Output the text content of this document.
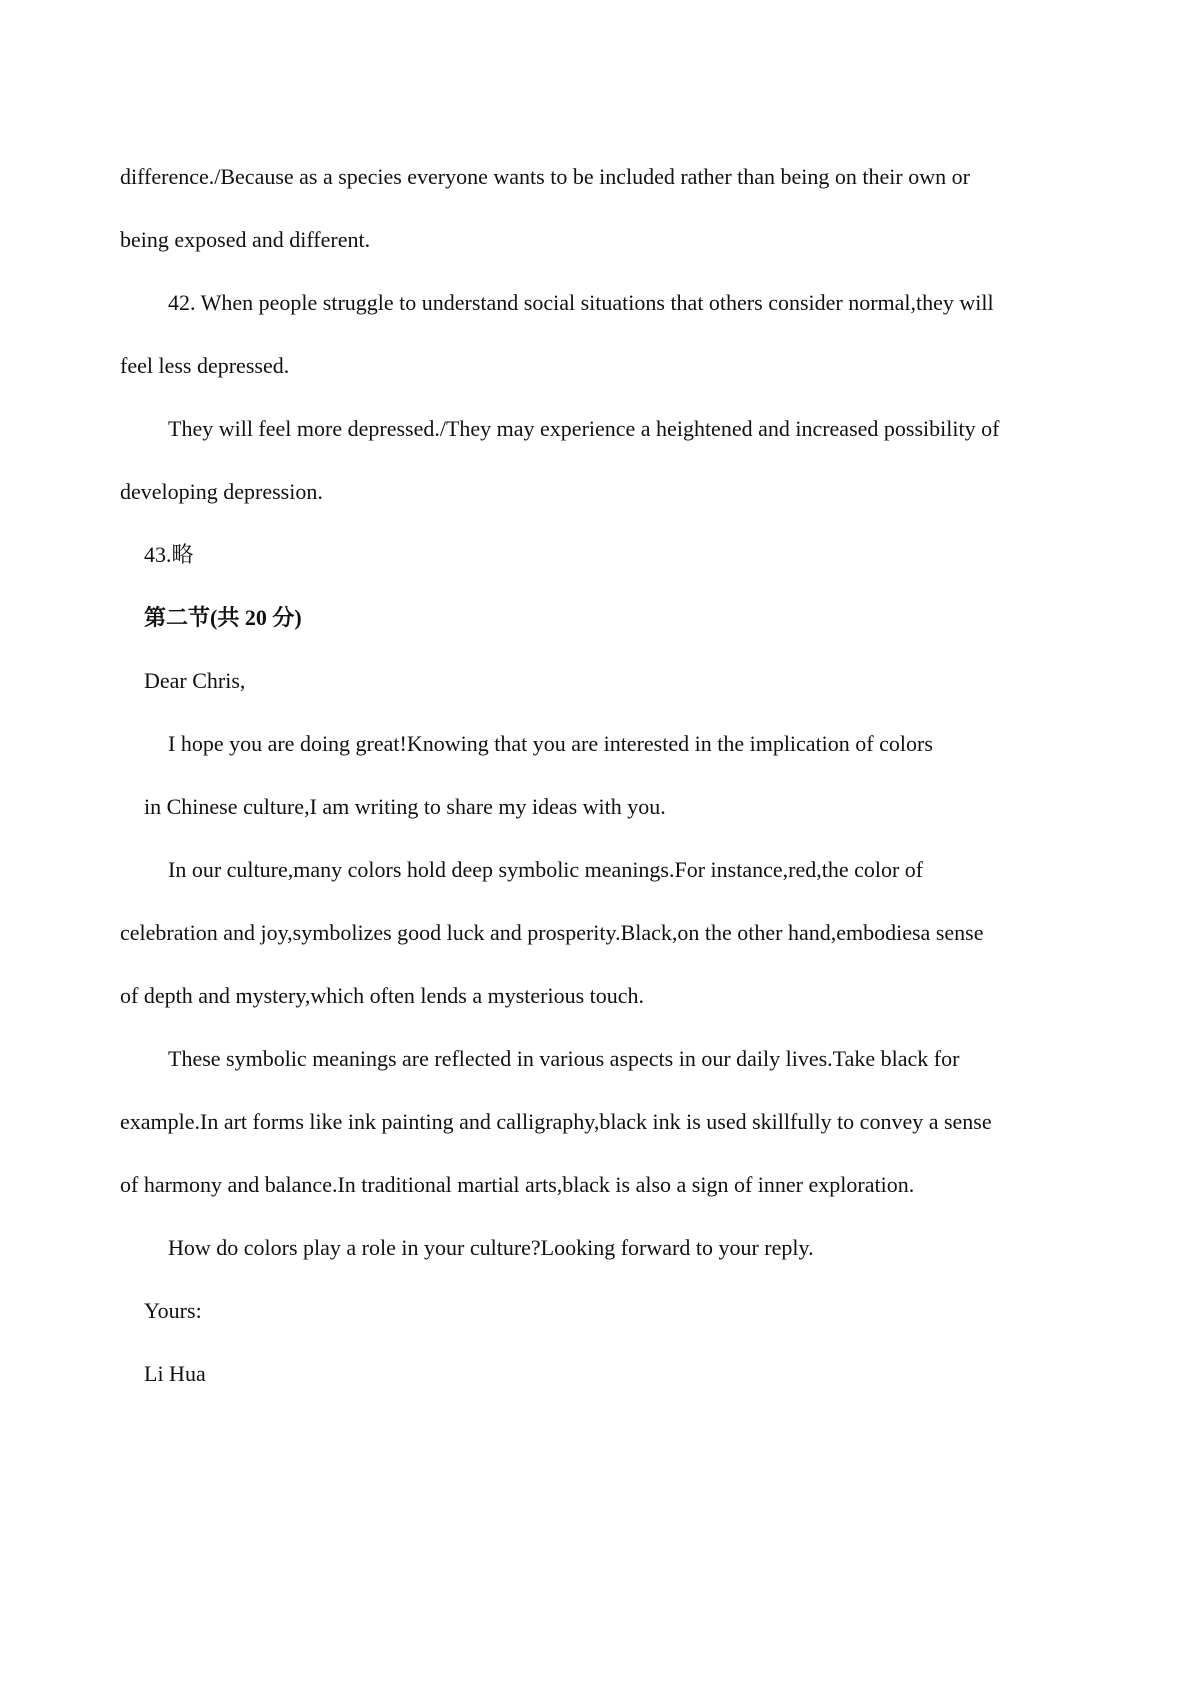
difference./Because as a species everyone wants to be included rather than being on their own or
being exposed and different.
42. When people struggle to understand social situations that others consider normal,they will
feel less depressed.
They will feel more depressed./They may experience a heightened and increased possibility of
developing depression.
43.略
第二节(共 20 分)
Dear Chris,
I hope you are doing great!Knowing that you are interested in the implication of colors
in Chinese culture,I am writing to share my ideas with you.
In our culture,many colors hold deep symbolic meanings.For instance,red,the color of
celebration and joy,symbolizes good luck and prosperity.Black,on the other hand,embodiesa sense
of depth and mystery,which often lends a mysterious touch.
These symbolic meanings are reflected in various aspects in our daily lives.Take black for
example.In art forms like ink painting and calligraphy,black ink is used skillfully to convey a sense
of harmony and balance.In traditional martial arts,black is also a sign of inner exploration.
How do colors play a role in your culture?Looking forward to your reply.
Yours:
Li Hua
